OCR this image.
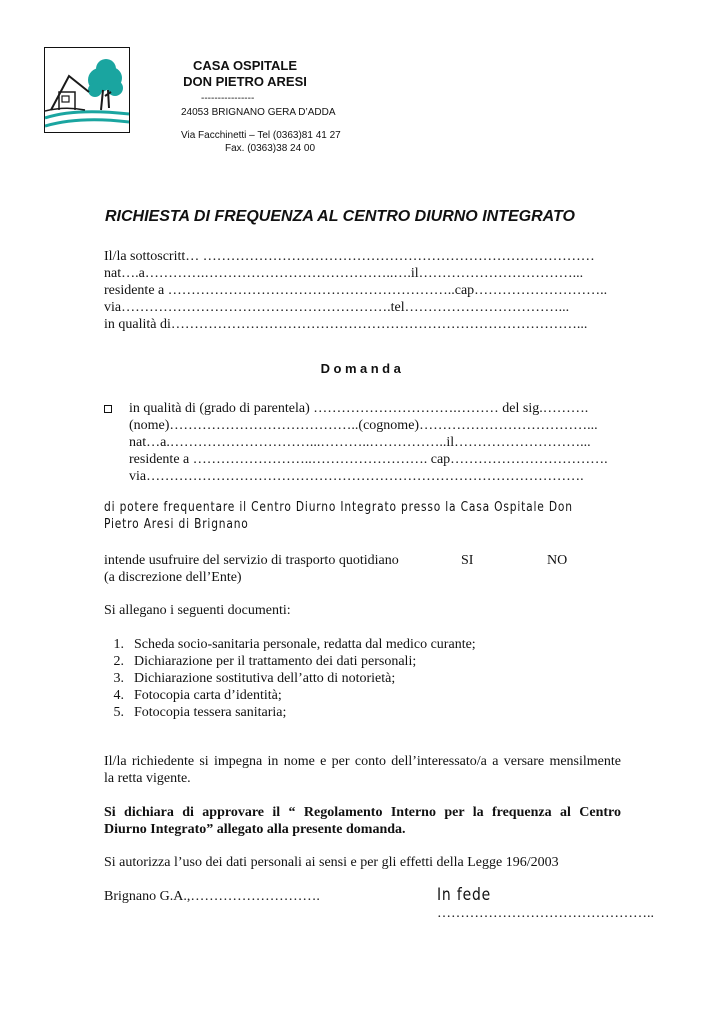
CASA OSPITALE
DON PIETRO ARESI
----------------
24053 BRIGNANO GERA D’ADDA
Via Facchinetti – Tel (0363)81 41 27
Fax. (0363)38 24 00
RICHIESTA DI FREQUENZA AL CENTRO DIURNO INTEGRATO
Il/la sottoscritt… …………………………………………………………………………
nat….a………….…………………………………..….il……………………………...
residente a ……………………………………………………..cap………………………..
via………………………………………………….tel……………………………...
in qualità di……………………………………………………………………………...
Domanda
in qualità di (grado di parentela) ………………………….……… del sig.……….
(nome)…………………………………..(cognome)………………………………...
nat…a.…………………………...………..……………..il………………………...
residente a ……………………..……………………. cap…………………………….
via………………………………………………………………………………….
di potere frequentare il Centro Diurno Integrato presso la Casa Ospitale Don
Pietro Aresi di Brignano
intende usufruire del servizio di trasporto quotidiano	SI	NO
(a discrezione dell’Ente)
Si allegano i seguenti documenti:
1. Scheda socio-sanitaria personale, redatta dal medico curante;
2. Dichiarazione per il trattamento dei dati personali;
3. Dichiarazione sostitutiva dell’atto di notorietà;
4. Fotocopia carta d’identità;
5. Fotocopia tessera sanitaria;
Il/la richiedente si impegna in nome e per conto dell’interessato/a a versare mensilmente
la retta vigente.
Si dichiara di approvare il “ Regolamento Interno per la frequenza al Centro
Diurno Integrato” allegato alla presente domanda.
Si autorizza l’uso dei dati personali ai sensi e per gli effetti della Legge 196/2003
Brignano G.A.,……………………….	In fede
………………………………………..
